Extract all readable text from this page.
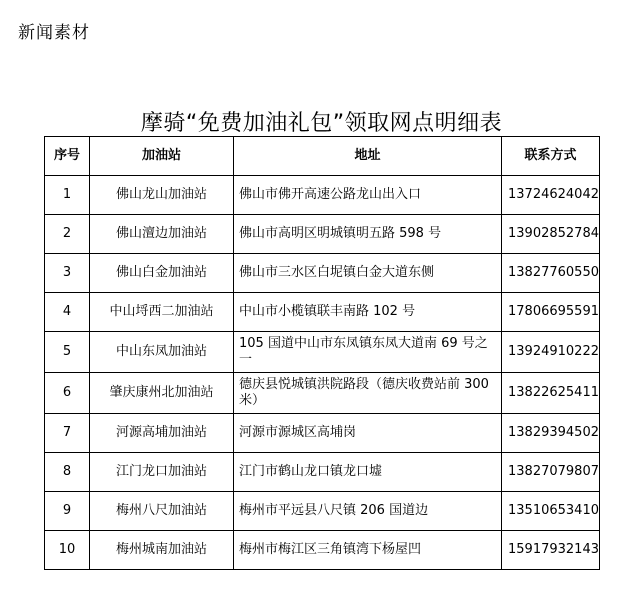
新闻素材
摩骑“免费加油礼包”领取网点明细表
序号	加油站	地址	联系方式
1	佛山龙山加油站	佛山市佛开高速公路龙山出入口	13724624042
2	佛山澶边加油站	佛山市高明区明城镇明五路 598 号	13902852784
3	佛山白金加油站	佛山市三水区白坭镇白金大道东侧	13827760550
4	中山埒西二加油站	中山市小榄镇联丰南路 102 号	17806695591
5	中山东凤加油站	105 国道中山市东凤镇东凤大道南 69 号之一	13924910222
6	肇庆康州北加油站	德庆县悦城镇洪院路段（德庆收费站前 300 米）	13822625411
7	河源高埔加油站	河源市源城区高埔岗	13829394502
8	江门龙口加油站	江门市鹤山龙口镇龙口墟	13827079807
9	梅州八尺加油站	梅州市平远县八尺镇 206 国道边	13510653410
10	梅州城南加油站	梅州市梅江区三角镇湾下杨屋凹	15917932143
